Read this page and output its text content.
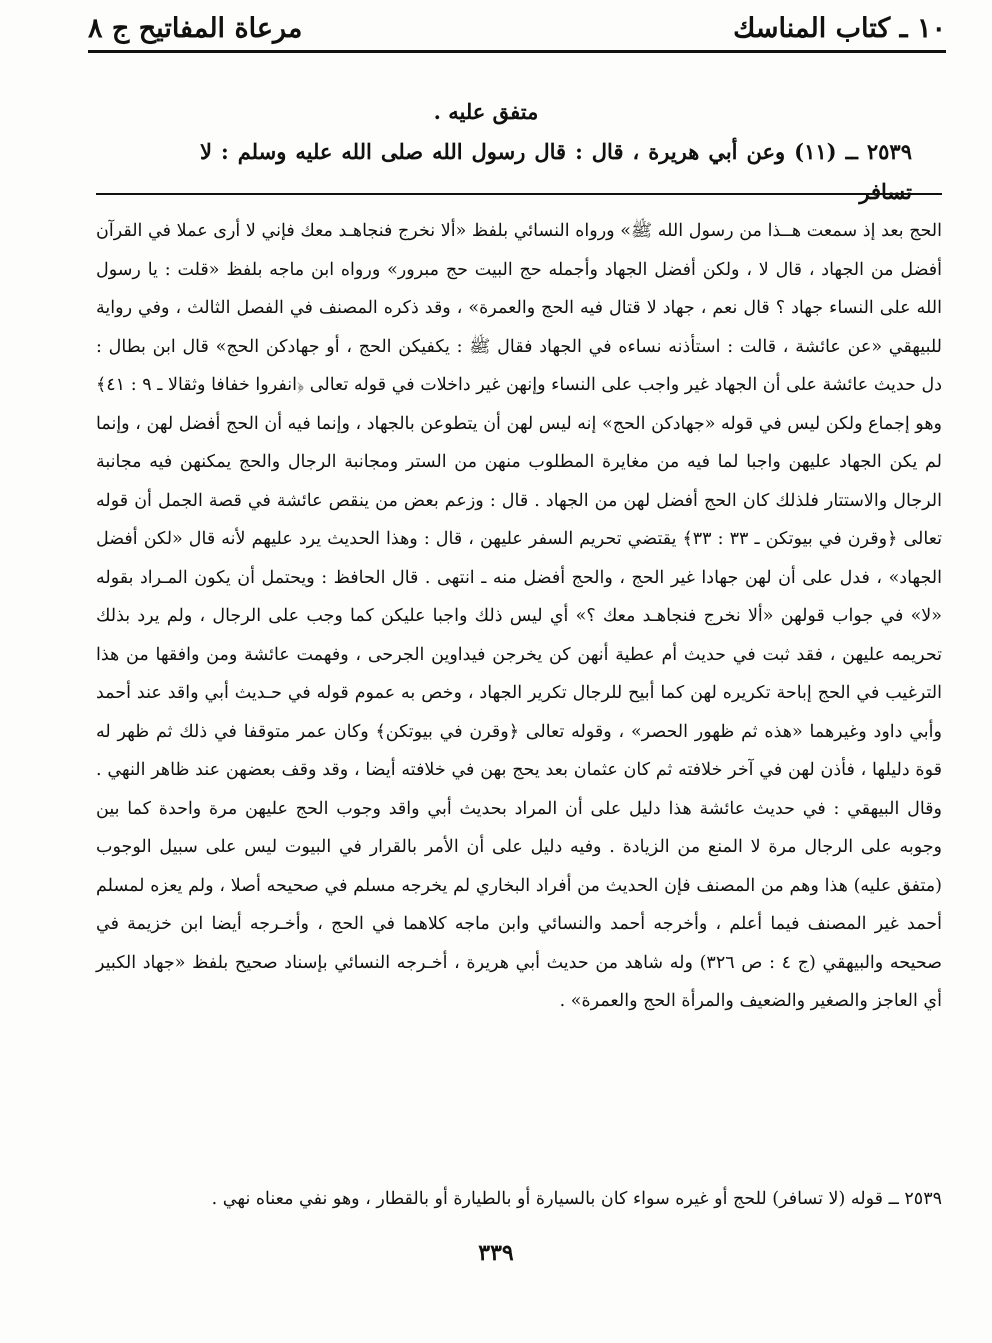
مرعاة المفاتيح ج ٨	١٠ ـ كتاب المناسك
متفق عليه .
٢٥٣٩ ــ (١١) وعن أبي هريرة ، قال : قال رسول الله صلى الله عليه وسلم : لا تسافر

الحج بعد إذ سمعت هــذا من رسول الله ﷺ» ورواه النسائي بلفظ «ألا نخرج فنجاهـد معك فإني لا أرى عملا في القرآن أفضل من الجهاد ، قال لا ، ولكن أفضل الجهاد وأجمله حج البيت حج مبرور» ورواه ابن ماجه بلفظ «قلت : يا رسول الله على النساء جهاد ؟ قال نعم ، جهاد لا قتال فيه الحج والعمرة» ، وقد ذكره المصنف في الفصل الثالث ، وفي رواية للبيهقي «عن عائشة ، قالت : استأذنه نساءه في الجهاد فقال ﷺ : يكفيكن الحج ، أو جهادكن الحج» قال ابن بطال : دل حديث عائشة على أن الجهاد غير واجب على النساء وإنهن غير داخلات في قوله تعالى ﴿انفروا خفافا وثقالا ـ ٩ : ٤١﴾ وهو إجماع ولكن ليس في قوله «جهادكن الحج» إنه ليس لهن أن يتطوعن بالجهاد ، وإنما فيه أن الحج أفضل لهن ، وإنما لم يكن الجهاد عليهن واجبا لما فيه من مغايرة المطلوب منهن من الستر ومجانبة الرجال والحج يمكنهن فيه مجانبة الرجال والاستتار فلذلك كان الحج أفضل لهن من الجهاد . قال : وزعم بعض من ينقص عائشة في قصة الجمل أن قوله تعالى ﴿وقرن في بيوتكن ـ ٣٣ : ٣٣﴾ يقتضي تحريم السفر عليهن ، قال : وهذا الحديث يرد عليهم لأنه قال «لكن أفضل الجهاد» ، فدل على أن لهن جهادا غير الحج ، والحج أفضل منه ـ انتهى . قال الحافظ : ويحتمل أن يكون المـراد بقوله «لا» في جواب قولهن «ألا نخرج فنجاهـد معك ؟» أي ليس ذلك واجبا عليكن كما وجب على الرجال ، ولم يرد بذلك تحريمه عليهن ، فقد ثبت في حديث أم عطية أنهن كن يخرجن فيداوين الجرحى ، وفهمت عائشة ومن وافقها من هذا الترغيب في الحج إباحة تكريره لهن كما أبيح للرجال تكرير الجهاد ، وخص به عموم قوله في حـديث أبي واقد عند أحمد وأبي داود وغيرهما «هذه ثم ظهور الحصر» ، وقوله تعالى ﴿وقرن في بيوتكن﴾ وكان عمر متوقفا في ذلك ثم ظهر له قوة دليلها ، فأذن لهن في آخر خلافته ثم كان عثمان بعد يحج بهن في خلافته أيضا ، وقد وقف بعضهن عند ظاهر النهي . وقال البيهقي : في حديث عائشة هذا دليل على أن المراد بحديث أبي واقد وجوب الحج عليهن مرة واحدة كما بين وجوبه على الرجال مرة لا المنع من الزيادة . وفيه دليل على أن الأمر بالقرار في البيوت ليس على سبيل الوجوب (متفق عليه) هذا وهم من المصنف فإن الحديث من أفراد البخاري لم يخرجه مسلم في صحيحه أصلا ، ولم يعزه لمسلم أحمد غير المصنف فيما أعلم ، وأخرجه أحمد والنسائي وابن ماجه كلاهما في الحج ، وأخـرجه أيضا ابن خزيمة في صحيحه والبيهقي (ج ٤ : ص ٣٢٦) وله شاهد من حديث أبي هريرة ، أخـرجه النسائي بإسناد صحيح بلفظ «جهاد الكبير أي العاجز والصغير والضعيف والمرأة الحج والعمرة» .

٢٥٣٩ ــ قوله (لا تسافر) للحج أو غيره سواء كان بالسيارة أو بالطيارة أو بالقطار ، وهو نفي معناه نهي .

٣٣٩
